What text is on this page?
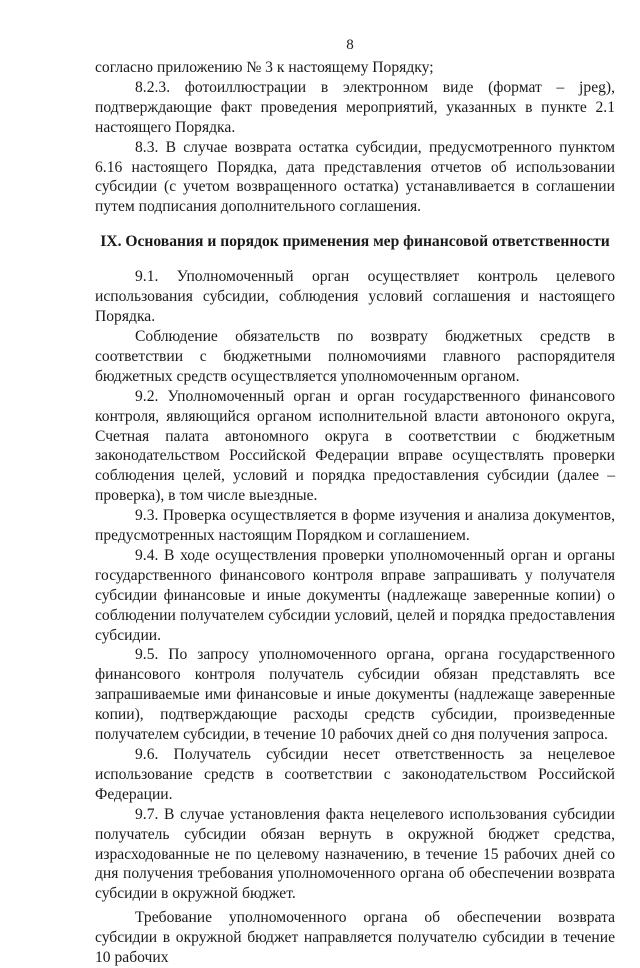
8

согласно приложению № 3 к настоящему Порядку;

8.2.3. фотоиллюстрации в электронном виде (формат – jpeg), подтверждающие факт проведения мероприятий, указанных в пункте 2.1 настоящего Порядка.

8.3. В случае возврата остатка субсидии, предусмотренного пунктом 6.16 настоящего Порядка, дата представления отчетов об использовании субсидии (с учетом возвращенного остатка) устанавливается в соглашении путем подписания дополнительного соглашения.

IX. Основания и порядок применения мер финансовой ответственности

9.1. Уполномоченный орган осуществляет контроль целевого использования субсидии, соблюдения условий соглашения и настоящего Порядка.

Соблюдение обязательств по возврату бюджетных средств в соответствии с бюджетными полномочиями главного распорядителя бюджетных средств осуществляется уполномоченным органом.

9.2. Уполномоченный орган и орган государственного финансового контроля, являющийся органом исполнительной власти автононого округа, Счетная палата автономного округа в соответствии с бюджетным законодательством Российской Федерации вправе осуществлять проверки соблюдения целей, условий и порядка предоставления субсидии (далее – проверка), в том числе выездные.

9.3. Проверка осуществляется в форме изучения и анализа документов, предусмотренных настоящим Порядком и соглашением.

9.4. В ходе осуществления проверки уполномоченный орган и органы государственного финансового контроля вправе запрашивать у получателя субсидии финансовые и иные документы (надлежаще заверенные копии) о соблюдении получателем субсидии условий, целей и порядка предоставления субсидии.

9.5. По запросу уполномоченного органа, органа государственного финансового контроля получатель субсидии обязан представлять все запрашиваемые ими финансовые и иные документы (надлежаще заверенные копии), подтверждающие расходы средств субсидии, произведенные получателем субсидии, в течение 10 рабочих дней со дня получения запроса.

9.6. Получатель субсидии несет ответственность за нецелевое использование средств в соответствии с законодательством Российской Федерации.

9.7. В случае установления факта нецелевого использования субсидии получатель субсидии обязан вернуть в окружной бюджет средства, израсходованные не по целевому назначению, в течение 15 рабочих дней со дня получения требования уполномоченного органа об обеспечении возврата субсидии в окружной бюджет.

Требование уполномоченного органа об обеспечении возврата субсидии в окружной бюджет направляется получателю субсидии в течение 10 рабочих
